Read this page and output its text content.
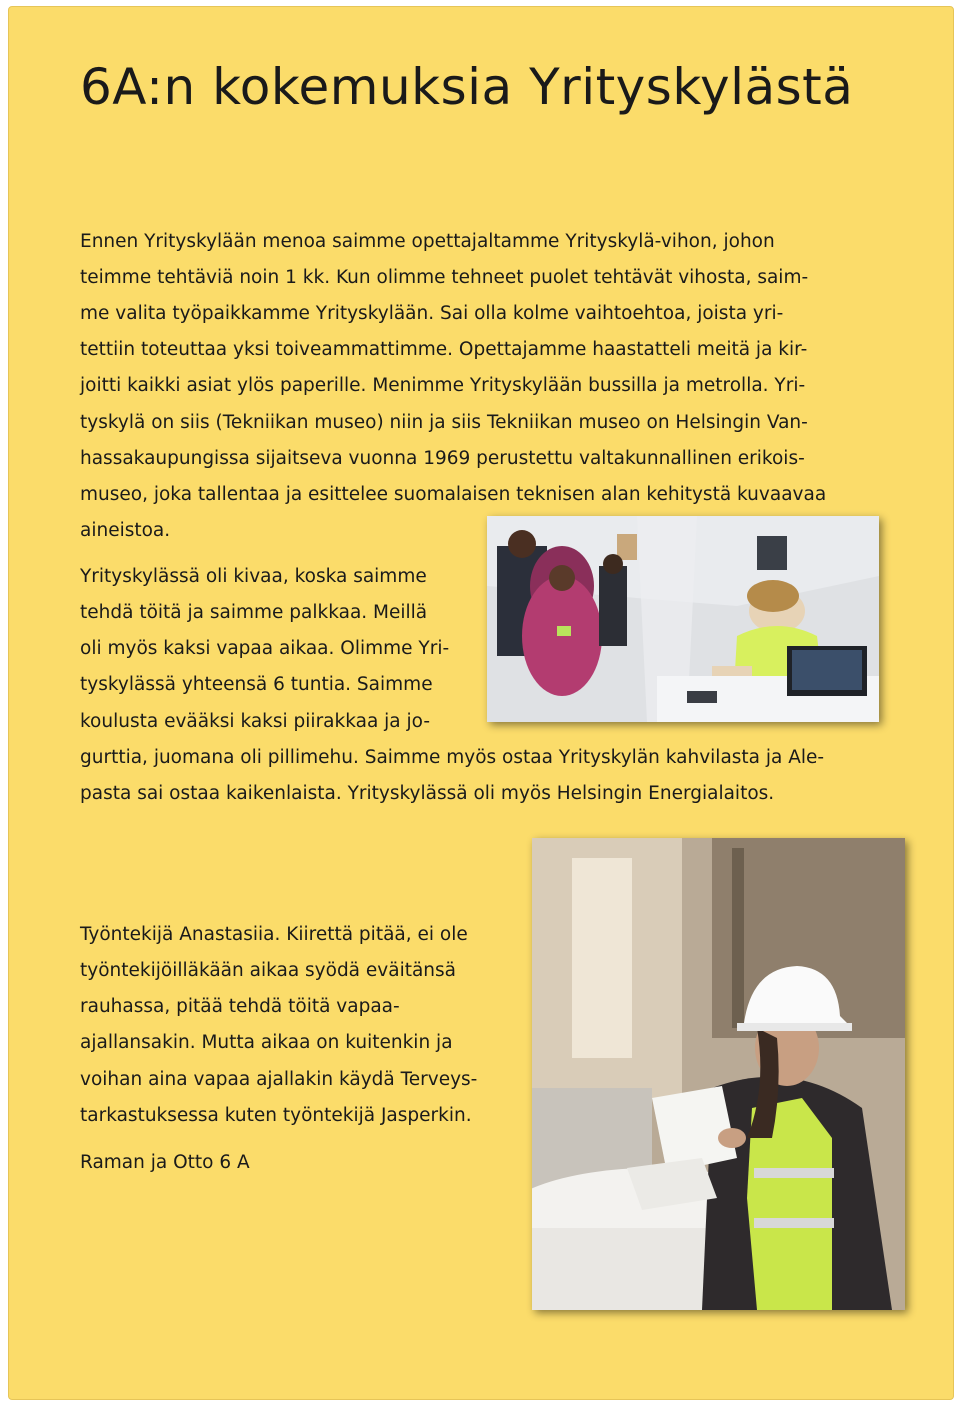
6A:n kokemuksia Yrityskylästä

Ennen Yrityskylään menoa saimme opettajaltamme Yrityskylä-vihon, johon

teimme tehtäviä noin 1 kk. Kun olimme tehneet puolet tehtävät vihosta, saim-

me valita työpaikkamme Yrityskylään. Sai olla kolme vaihtoehtoa, joista yri-

tettiin toteuttaa yksi toiveammattimme. Opettajamme haastatteli meitä ja kir-

joitti kaikki asiat ylös paperille. Menimme Yrityskylään bussilla ja metrolla. Yri-

tyskylä on siis (Tekniikan museo) niin ja siis Tekniikan museo on Helsingin Van-

hassakaupungissa sijaitseva vuonna 1969 perustettu valtakunnallinen erikois-

museo, joka tallentaa ja esittelee suomalaisen teknisen alan kehitystä kuvaavaa

aineistoa.

Yrityskylässä oli kivaa, koska saimme

tehdä töitä ja saimme palkkaa. Meillä

oli myös kaksi vapaa aikaa. Olimme Yri-

tyskylässä yhteensä 6 tuntia. Saimme

koulusta evääksi kaksi piirakkaa ja jo-

gurttia, juomana oli pillimehu. Saimme myös ostaa Yrityskylän kahvilasta ja Ale-

pasta sai ostaa kaikenlaista. Yrityskylässä oli myös Helsingin Energialaitos.

Työntekijä Anastasiia. Kiirettä pitää, ei ole

työntekijöilläkään aikaa syödä eväitänsä

rauhassa, pitää tehdä töitä vapaa-

ajallansakin. Mutta aikaa on kuitenkin ja

voihan aina vapaa ajallakin käydä Terveys-

tarkastuksessa kuten työntekijä Jasperkin.

Raman ja Otto 6 A
